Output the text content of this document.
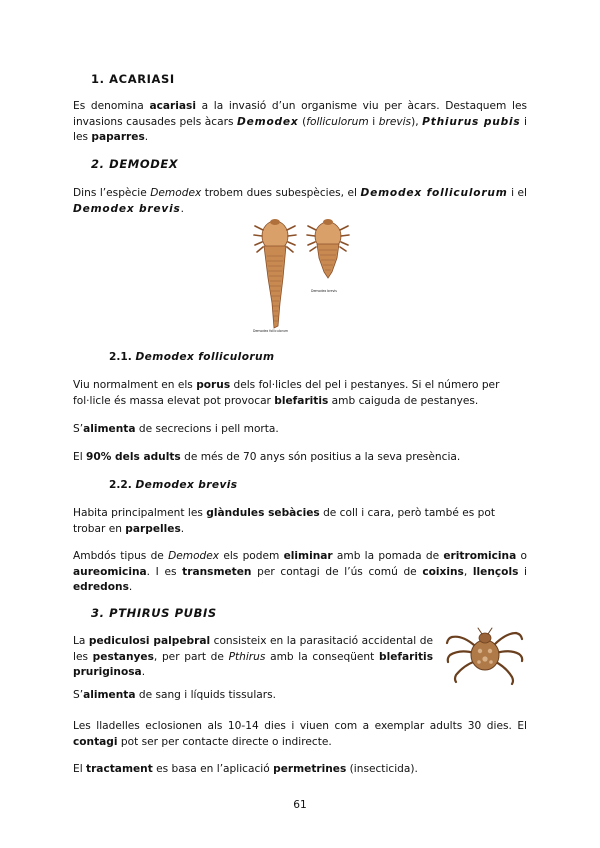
1. ACARIASI
Es denomina acariasi a la invasió d’un organisme viu per àcars. Destaquem les invasions causades pels àcars Demodex (folliculorum i brevis), Pthiurus pubis i les paparres.
2. DEMODEX
Dins l’espècie Demodex trobem dues subespècies, el Demodex folliculorum i el Demodex brevis.
Demodex folliculorum
Demodex brevis
2.1. Demodex folliculorum
Viu normalment en els porus dels fol·licles del pel i pestanyes. Si el número per fol·licle és massa elevat pot provocar blefaritis amb caiguda de pestanyes.
S’alimenta de secrecions i pell morta.
El 90% dels adults de més de 70 anys són positius a la seva presència.
2.2. Demodex brevis
Habita principalment les glàndules sebàcies de coll i cara, però també es pot trobar en parpelles.
Ambdós tipus de Demodex els podem eliminar amb la pomada de eritromicina o aureomicina. I es transmeten per contagi de l’ús comú de coixins, llençols i edredons.
3. PTHIRUS PUBIS
La pediculosi palpebral consisteix en la parasitació accidental de les pestanyes, per part de Pthirus amb la conseqüent blefaritis pruriginosa.
S’alimenta de sang i líquids tissulars.
Les lladelles eclosionen als 10-14 dies i viuen com a exemplar adults 30 dies. El contagi pot ser per contacte directe o indirecte.
El tractament es basa en l’aplicació permetrines (insecticida).
61
